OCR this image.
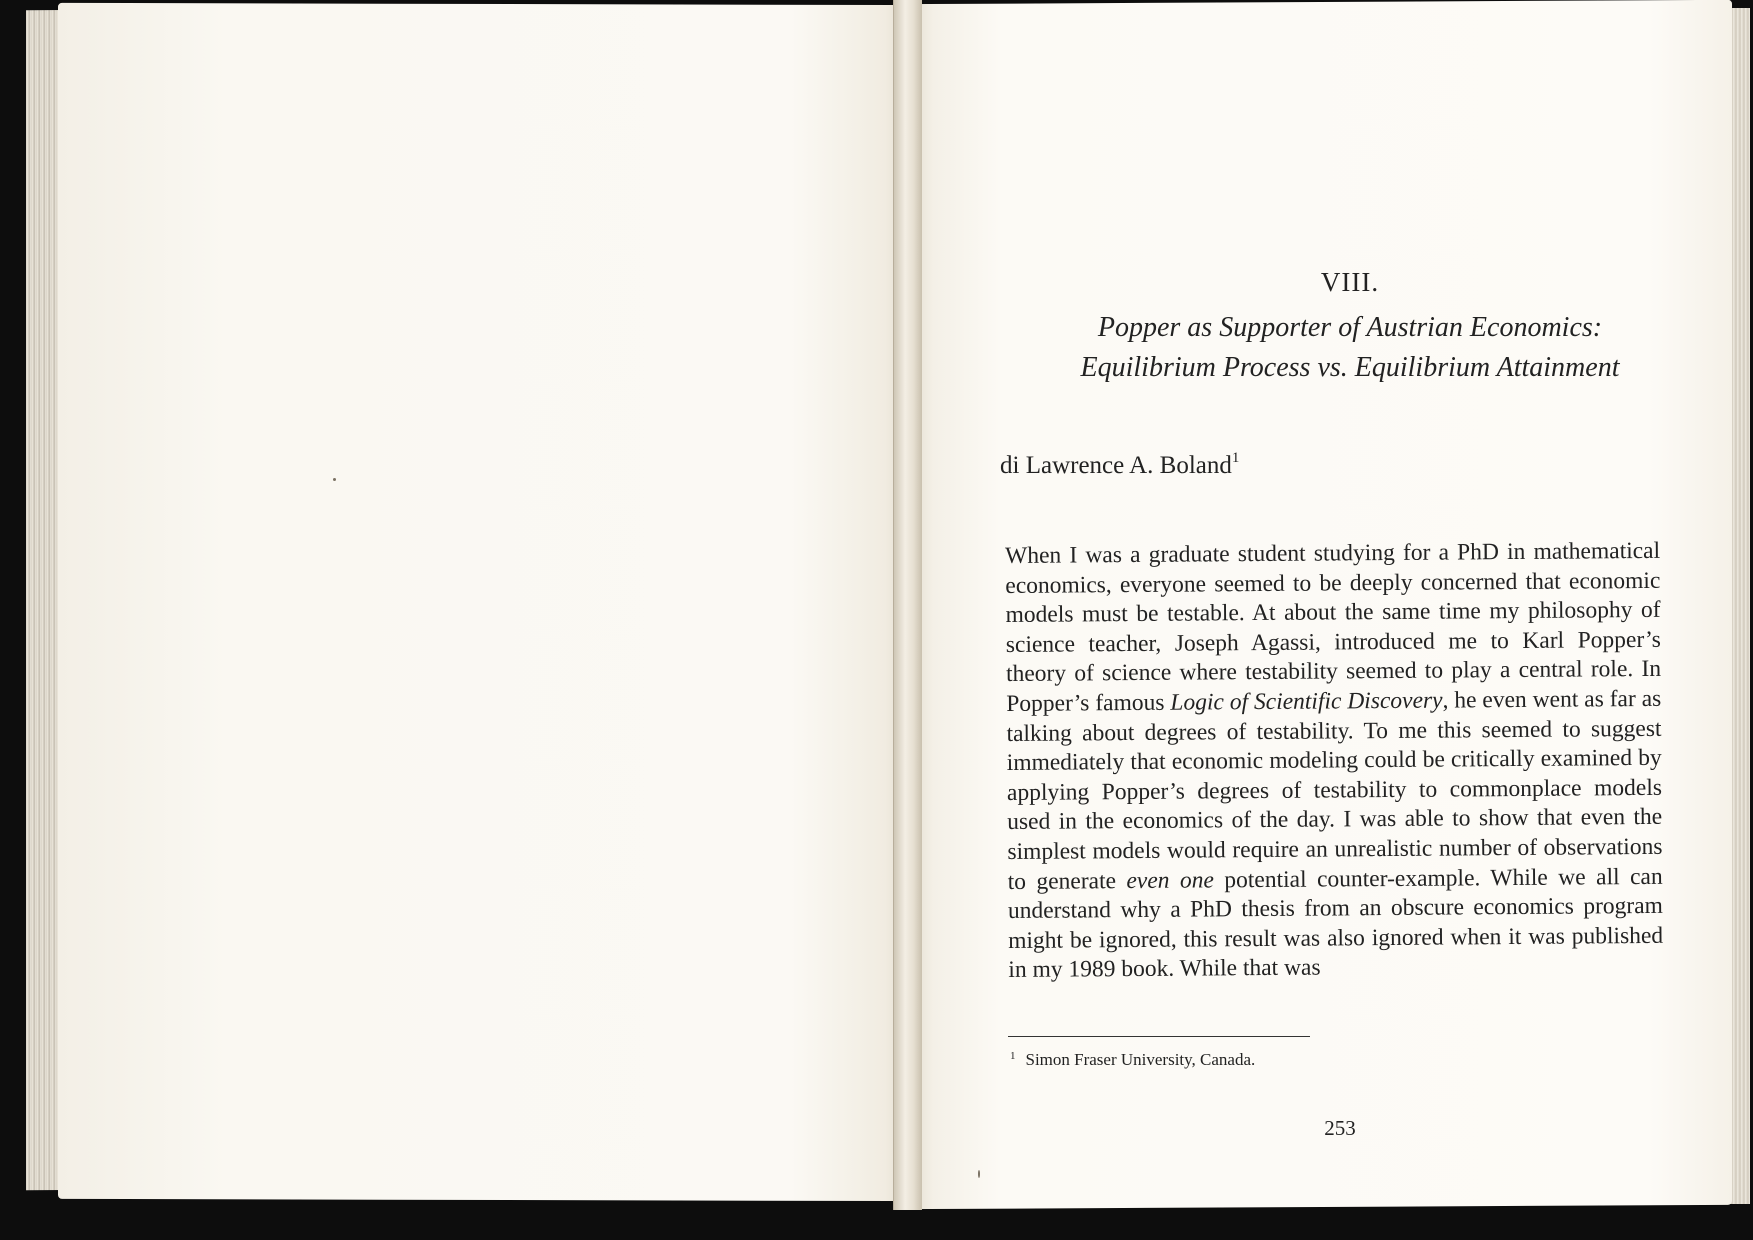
VIII.
Popper as Supporter of Austrian Economics:
Equilibrium Process vs. Equilibrium Attainment
di Lawrence A. Boland$^1$

When I was a graduate student studying for a PhD in mathematical economics, everyone seemed to be deeply concerned that economic models must be testable. At about the same time my philosophy of science teacher, Joseph Agassi, introduced me to Karl Popper’s theory of science where testability seemed to play a central role. In Popper’s famous Logic of Scientific Discovery, he even went as far as talking about degrees of testability. To me this seemed to suggest immediately that economic modeling could be critically examined by applying Popper’s degrees of testability to commonplace models used in the economics of the day. I was able to show that even the simplest models would require an unrealistic number of observations to generate even one potential counter-example. While we all can understand why a PhD thesis from an obscure economics program might be ignored, this result was also ignored when it was published in my 1989 book. While that was

$^1$ Simon Fraser University, Canada.
253
